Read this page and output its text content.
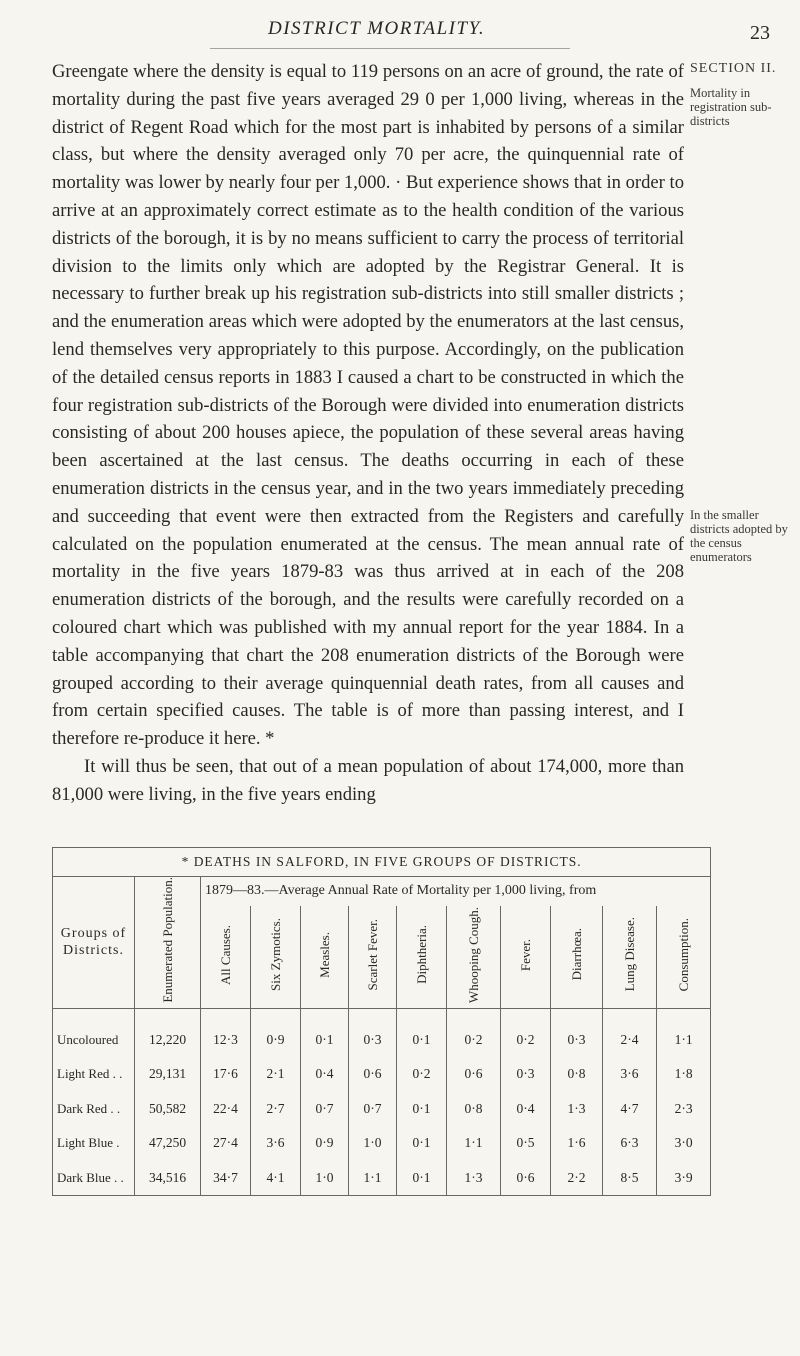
DISTRICT MORTALITY.	23

Greengate where the density is equal to 119 persons on an acre of ground, the rate of mortality during the past five years averaged 29 0 per 1,000 living, whereas in the district of Regent Road which for the most part is inhabited by persons of a similar class, but where the density averaged only 70 per acre, the quinquennial rate of mortality was lower by nearly four per 1,000. · But experience shows that in order to arrive at an approximately correct estimate as to the health condition of the various districts of the borough, it is by no means sufficient to carry the process of territorial division to the limits only which are adopted by the Registrar General. It is necessary to further break up his registration sub-districts into still smaller districts ; and the enumeration areas which were adopted by the enumerators at the last census, lend themselves very appropriately to this purpose. Accordingly, on the publication of the detailed census reports in 1883 I caused a chart to be constructed in which the four registration sub-districts of the Borough were divided into enumeration districts consisting of about 200 houses apiece, the population of these several areas having been ascertained at the last census. The deaths occurring in each of these enumeration districts in the census year, and in the two years immediately preceding and succeeding that event were then extracted from the Registers and carefully calculated on the population enumerated at the census. The mean annual rate of mortality in the five years 1879-83 was thus arrived at in each of the 208 enumeration districts of the borough, and the results were carefully recorded on a coloured chart which was published with my annual report for the year 1884. In a table accompanying that chart the 208 enumeration districts of the Borough were grouped according to their average quinquennial death rates, from all causes and from certain specified causes. The table is of more than passing interest, and I therefore re-produce it here. *

It will thus be seen, that out of a mean population of about 174,000, more than 81,000 were living, in the five years ending

SECTION II.
Mortality in registration sub-districts
In the smaller districts adopted by the census enumerators
* DEATHS IN SALFORD, IN FIVE GROUPS OF DISTRICTS.											
Groups of Districts.	Enumerated Population.	1879—83.—Average Annual Rate of Mortality per 1,000 living, from									
		All Causes.	Six Zymotics.	Measles.	Scarlet Fever.	Diphtheria.	Whooping Cough.	Fever.	Diarrhœa.	Lung Disease.	Consumption.
Uncoloured	12,220	12·3	0·9	0·1	0·3	0·1	0·2	0·2	0·3	2·4	1·1
Light Red . .	29,131	17·6	2·1	0·4	0·6	0·2	0·6	0·3	0·8	3·6	1·8
Dark Red . .	50,582	22·4	2·7	0·7	0·7	0·1	0·8	0·4	1·3	4·7	2·3
Light Blue .	47,250	27·4	3·6	0·9	1·0	0·1	1·1	0·5	1·6	6·3	3·0
Dark Blue . .	34,516	34·7	4·1	1·0	1·1	0·1	1·3	0·6	2·2	8·5	3·9
